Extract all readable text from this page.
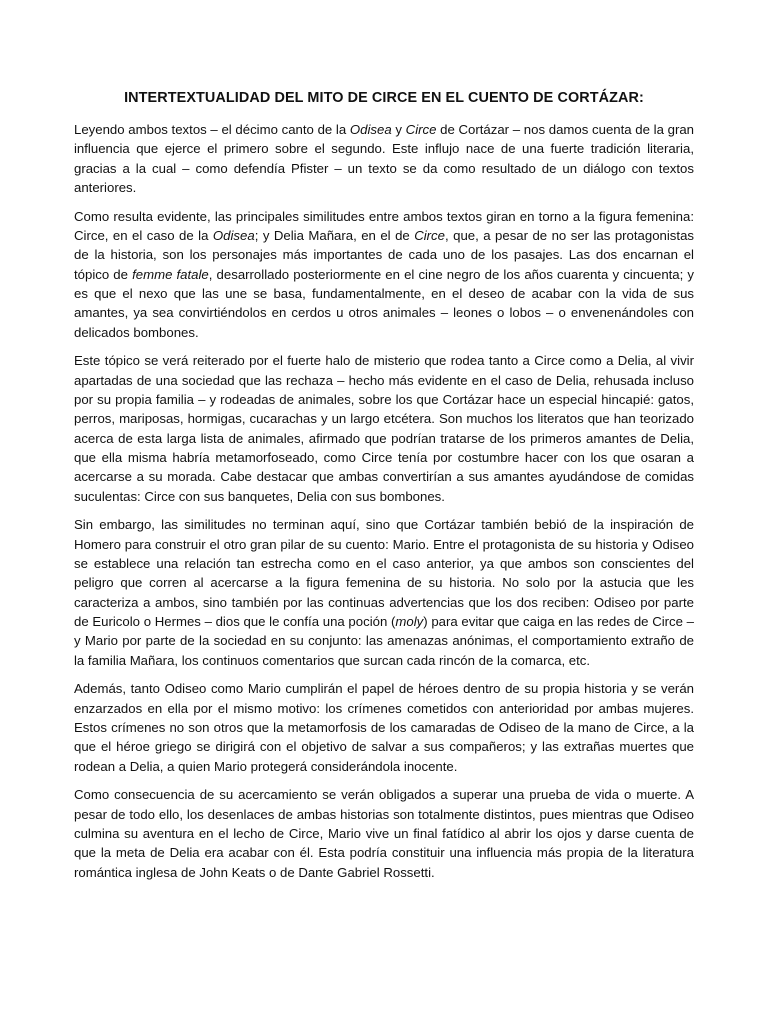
INTERTEXTUALIDAD DEL MITO DE CIRCE EN EL CUENTO DE CORTÁZAR:

Leyendo ambos textos – el décimo canto de la Odisea y Circe de Cortázar – nos damos cuenta de la gran influencia que ejerce el primero sobre el segundo. Este influjo nace de una fuerte tradición literaria, gracias a la cual – como defendía Pfister – un texto se da como resultado de un diálogo con textos anteriores.

Como resulta evidente, las principales similitudes entre ambos textos giran en torno a la figura femenina: Circe, en el caso de la Odisea; y Delia Mañara, en el de Circe, que, a pesar de no ser las protagonistas de la historia, son los personajes más importantes de cada uno de los pasajes. Las dos encarnan el tópico de femme fatale, desarrollado posteriormente en el cine negro de los años cuarenta y cincuenta; y es que el nexo que las une se basa, fundamentalmente, en el deseo de acabar con la vida de sus amantes, ya sea convirtiéndolos en cerdos u otros animales – leones o lobos – o envenenándoles con delicados bombones.

Este tópico se verá reiterado por el fuerte halo de misterio que rodea tanto a Circe como a Delia, al vivir apartadas de una sociedad que las rechaza – hecho más evidente en el caso de Delia, rehusada incluso por su propia familia – y rodeadas de animales, sobre los que Cortázar hace un especial hincapié: gatos, perros, mariposas, hormigas, cucarachas y un largo etcétera. Son muchos los literatos que han teorizado acerca de esta larga lista de animales, afirmado que podrían tratarse de los primeros amantes de Delia, que ella misma habría metamorfoseado, como Circe tenía por costumbre hacer con los que osaran a acercarse a su morada. Cabe destacar que ambas convertirían a sus amantes ayudándose de comidas suculentas: Circe con sus banquetes, Delia con sus bombones.

Sin embargo, las similitudes no terminan aquí, sino que Cortázar también bebió de la inspiración de Homero para construir el otro gran pilar de su cuento: Mario. Entre el protagonista de su historia y Odiseo se establece una relación tan estrecha como en el caso anterior, ya que ambos son conscientes del peligro que corren al acercarse a la figura femenina de su historia. No solo por la astucia que les caracteriza a ambos, sino también por las continuas advertencias que los dos reciben: Odiseo por parte de Euricolo o Hermes – dios que le confía una poción (moly) para evitar que caiga en las redes de Circe – y Mario por parte de la sociedad en su conjunto: las amenazas anónimas, el comportamiento extraño de la familia Mañara, los continuos comentarios que surcan cada rincón de la comarca, etc.

Además, tanto Odiseo como Mario cumplirán el papel de héroes dentro de su propia historia y se verán enzarzados en ella por el mismo motivo: los crímenes cometidos con anterioridad por ambas mujeres. Estos crímenes no son otros que la metamorfosis de los camaradas de Odiseo de la mano de Circe, a la que el héroe griego se dirigirá con el objetivo de salvar a sus compañeros; y las extrañas muertes que rodean a Delia, a quien Mario protegerá considerándola inocente.

Como consecuencia de su acercamiento se verán obligados a superar una prueba de vida o muerte. A pesar de todo ello, los desenlaces de ambas historias son totalmente distintos, pues mientras que Odiseo culmina su aventura en el lecho de Circe, Mario vive un final fatídico al abrir los ojos y darse cuenta de que la meta de Delia era acabar con él. Esta podría constituir una influencia más propia de la literatura romántica inglesa de John Keats o de Dante Gabriel Rossetti.
